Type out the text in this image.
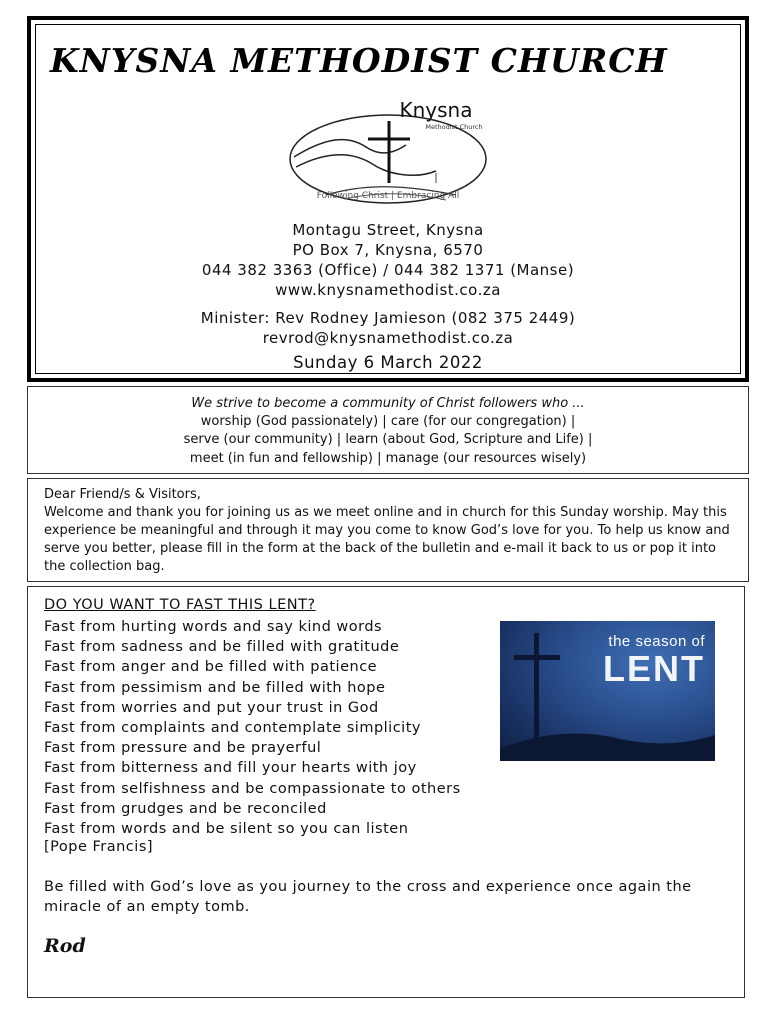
KNYSNA METHODIST CHURCH
Knysna
Methodist Church
Following Christ | Embracing All
Montagu Street, Knysna
PO Box 7, Knysna, 6570
044 382 3363 (Office) / 044 382 1371 (Manse)
www.knysnamethodist.co.za
Minister: Rev Rodney Jamieson (082 375 2449)
revrod@knysnamethodist.co.za
Sunday 6 March 2022
We strive to become a community of Christ followers who ...
worship (God passionately) | care (for our congregation) |
serve (our community) | learn (about God, Scripture and Life) |
meet (in fun and fellowship) | manage (our resources wisely)
Dear Friend/s & Visitors,
Welcome and thank you for joining us as we meet online and in church for this Sunday worship. May this experience be meaningful and through it may you come to know God’s love for you. To help us know and serve you better, please fill in the form at the back of the bulletin and e-mail it back to us or pop it into the collection bag.
DO YOU WANT TO FAST THIS LENT?
Fast from hurting words and say kind words
Fast from sadness and be filled with gratitude
Fast from anger and be filled with patience
Fast from pessimism and be filled with hope
Fast from worries and put your trust in God
Fast from complaints and contemplate simplicity
Fast from pressure and be prayerful
Fast from bitterness and fill your hearts with joy
Fast from selfishness and be compassionate to others
Fast from grudges and be reconciled
Fast from words and be silent so you can listen
[Pope Francis]
Be filled with God’s love as you journey to the cross and experience once again the miracle of an empty tomb.
Rod
the season of
LENT
